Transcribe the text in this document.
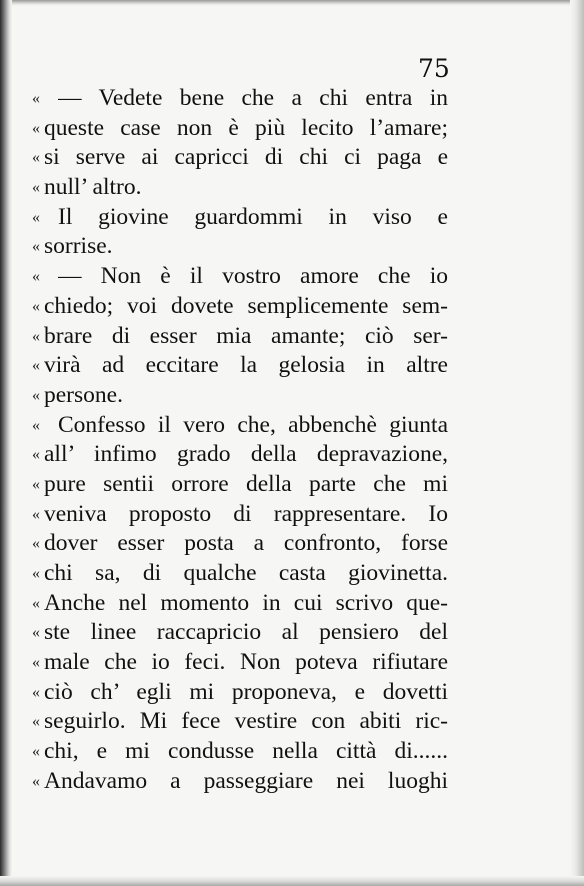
75
« — Vedete bene che a chi entra in
« queste case non è più lecito l’amare;
« si serve ai capricci di chi ci paga e
« null’ altro.
« Il giovine guardommi in viso e
« sorrise.
« — Non è il vostro amore che io
« chiedo; voi dovete semplicemente sem-
« brare di esser mia amante; ciò ser-
« virà ad eccitare la gelosia in altre
« persone.
« Confesso il vero che, abbenchè giunta
« all’ infimo grado della depravazione,
« pure sentii orrore della parte che mi
« veniva proposto di rappresentare. Io
« dover esser posta a confronto, forse
« chi sa, di qualche casta giovinetta.
« Anche nel momento in cui scrivo que-
« ste linee raccapricio al pensiero del
« male che io feci. Non poteva rifiutare
« ciò ch’ egli mi proponeva, e dovetti
« seguirlo. Mi fece vestire con abiti ric-
« chi, e mi condusse nella città di......
« Andavamo a passeggiare nei luoghi
